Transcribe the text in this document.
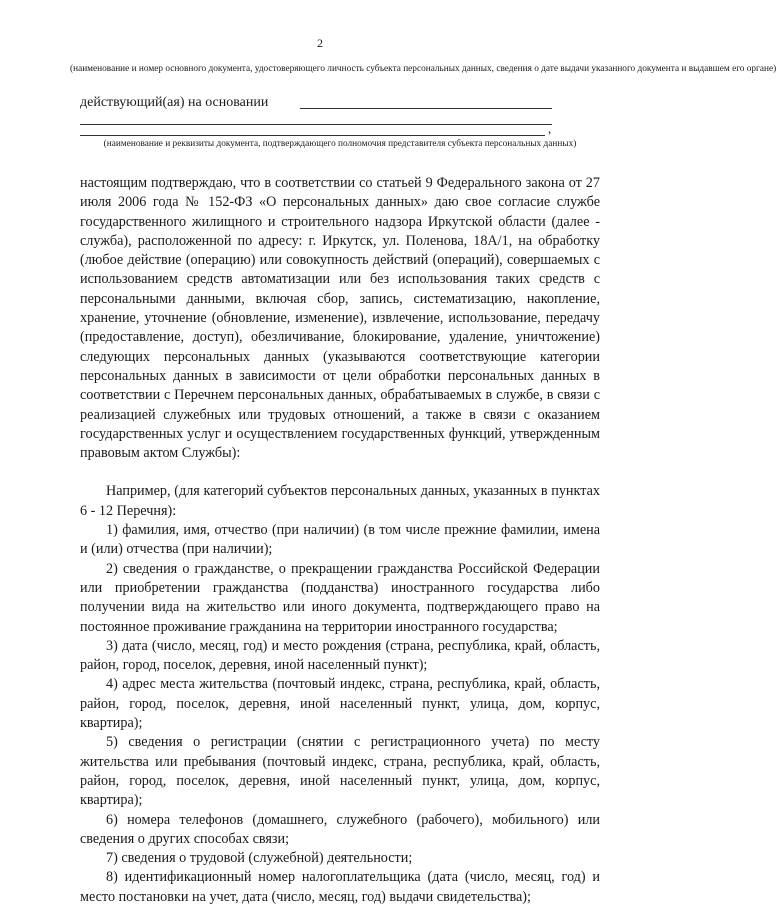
2
(наименование и номер основного документа, удостоверяющего личность субъекта персональных данных, сведения о дате выдачи указанного документа и выдавшем его органе)
действующий(ая) на основании
,
(наименование и реквизиты документа, подтверждающего полномочия представителя субъекта персональных данных)

настоящим подтверждаю, что в соответствии со статьей 9 Федерального закона от 27 июля 2006 года № 152-ФЗ «О персональных данных» даю свое согласие службе государственного жилищного и строительного надзора Иркутской области (далее - служба), расположенной по адресу: г. Иркутск, ул. Поленова, 18А/1, на обработку (любое действие (операцию) или совокупность действий (операций), совершаемых с использованием средств автоматизации или без использования таких средств с персональными данными, включая сбор, запись, систематизацию, накопление, хранение, уточнение (обновление, изменение), извлечение, использование, передачу (предоставление, доступ), обезличивание, блокирование, удаление, уничтожение) следующих персональных данных (указываются соответствующие категории персональных данных в зависимости от цели обработки персональных данных в соответствии с Перечнем персональных данных, обрабатываемых в службе, в связи с реализацией служебных или трудовых отношений, а также в связи с оказанием государственных услуг и осуществлением государственных функций, утвержденным правовым актом Службы):

Например, (для категорий субъектов персональных данных, указанных в пунктах 6 - 12 Перечня):

1) фамилия, имя, отчество (при наличии) (в том числе прежние фамилии, имена и (или) отчества (при наличии);

2) сведения о гражданстве, о прекращении гражданства Российской Федерации или приобретении гражданства (подданства) иностранного государства либо получении вида на жительство или иного документа, подтверждающего право на постоянное проживание гражданина на территории иностранного государства;

3) дата (число, месяц, год) и место рождения (страна, республика, край, область, район, город, поселок, деревня, иной населенный пункт);

4) адрес места жительства (почтовый индекс, страна, республика, край, область, район, город, поселок, деревня, иной населенный пункт, улица, дом, корпус, квартира);

5) сведения о регистрации (снятии с регистрационного учета) по месту жительства или пребывания (почтовый индекс, страна, республика, край, область, район, город, поселок, деревня, иной населенный пункт, улица, дом, корпус, квартира);

6) номера телефонов (домашнего, служебного (рабочего), мобильного) или сведения о других способах связи;

7) сведения о трудовой (служебной) деятельности;

8) идентификационный номер налогоплательщика (дата (число, месяц, год) и место постановки на учет, дата (число, месяц, год) выдачи свидетельства);
